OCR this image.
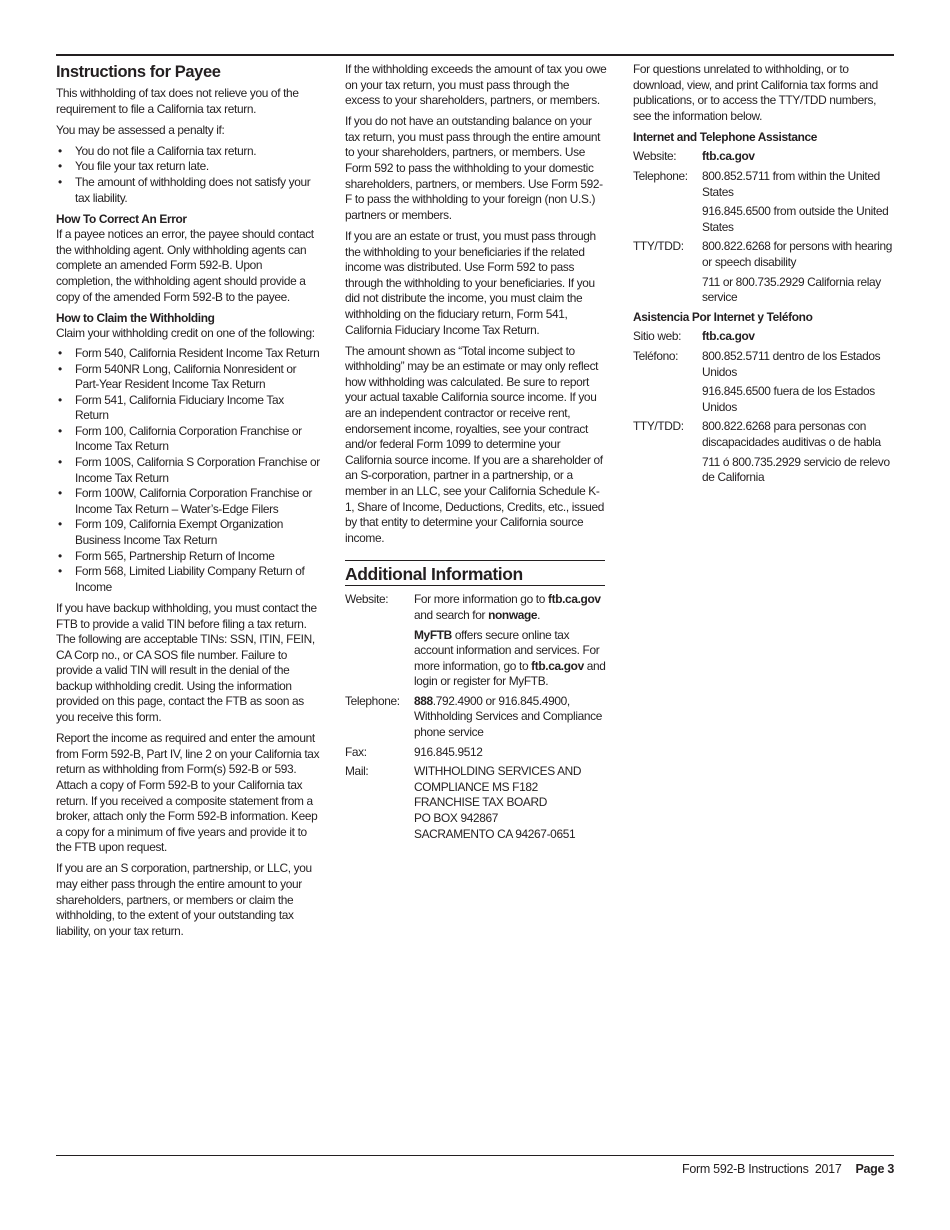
Instructions for Payee

This withholding of tax does not relieve you of the requirement to file a California tax return.

You may be assessed a penalty if:

• You do not file a California tax return.
• You file your tax return late.
• The amount of withholding does not satisfy your tax liability.
How To Correct An Error

If a payee notices an error, the payee should contact the withholding agent. Only withholding agents can complete an amended Form 592-B. Upon completion, the withholding agent should provide a copy of the amended Form 592-B to the payee.

How to Claim the Withholding

Claim your withholding credit on one of the following:

• Form 540, California Resident Income Tax Return
• Form 540NR Long, California Nonresident or Part-Year Resident Income Tax Return
• Form 541, California Fiduciary Income Tax Return
• Form 100, California Corporation Franchise or Income Tax Return
• Form 100S, California S Corporation Franchise or Income Tax Return
• Form 100W, California Corporation Franchise or Income Tax Return – Water’s-Edge Filers
• Form 109, California Exempt Organization Business Income Tax Return
• Form 565, Partnership Return of Income
• Form 568, Limited Liability Company Return of Income

If you have backup withholding, you must contact the FTB to provide a valid TIN before filing a tax return. The following are acceptable TINs: SSN, ITIN, FEIN, CA Corp no., or CA SOS file number. Failure to provide a valid TIN will result in the denial of the backup withholding credit. Using the information provided on this page, contact the FTB as soon as you receive this form.

Report the income as required and enter the amount from Form 592-B, Part IV, line 2 on your California tax return as withholding from Form(s) 592-B or 593. Attach a copy of Form 592-B to your California tax return. If you received a composite statement from a broker, attach only the Form 592-B information. Keep a copy for a minimum of five years and provide it to the FTB upon request.

If you are an S corporation, partnership, or LLC, you may either pass through the entire amount to your shareholders, partners, or members or claim the withholding, to the extent of your outstanding tax liability, on your tax return.

If the withholding exceeds the amount of tax you owe on your tax return, you must pass through the excess to your shareholders, partners, or members.

If you do not have an outstanding balance on your tax return, you must pass through the entire amount to your shareholders, partners, or members. Use Form 592 to pass the withholding to your domestic shareholders, partners, or members. Use Form 592-F to pass the withholding to your foreign (non U.S.) partners or members.

If you are an estate or trust, you must pass through the withholding to your beneficiaries if the related income was distributed. Use Form 592 to pass through the withholding to your beneficiaries. If you did not distribute the income, you must claim the withholding on the fiduciary return, Form 541, California Fiduciary Income Tax Return.

The amount shown as “Total income subject to withholding” may be an estimate or may only reflect how withholding was calculated. Be sure to report your actual taxable California source income. If you are an independent contractor or receive rent, endorsement income, royalties, see your contract and/or federal Form 1099 to determine your California source income. If you are a shareholder of an S-corporation, partner in a partnership, or a member in an LLC, see your California Schedule K-1, Share of Income, Deductions, Credits, etc., issued by that entity to determine your California source income.

Additional Information
Website:	For more information go to ftb.ca.gov and search for nonwage.

MyFTB offers secure online tax account information and services. For more information, go to ftb.ca.gov and login or register for MyFTB.

Telephone:	888.792.4900 or 916.845.4900, Withholding Services and Compliance phone service
Fax:	916.845.9512
Mail:	WITHHOLDING SERVICES AND
COMPLIANCE MS F182
FRANCHISE TAX BOARD
PO BOX 942867
SACRAMENTO CA 94267-0651

For questions unrelated to withholding, or to download, view, and print California tax forms and publications, or to access the TTY/TDD numbers, see the information below.

Internet and Telephone Assistance
Website:	ftb.ca.gov
Telephone:	800.852.5711 from within the United States

916.845.6500 from outside the United States

TTY/TDD:	800.822.6268 for persons with hearing or speech disability

711 or 800.735.2929 California relay service

Asistencia Por Internet y Teléfono
Sitio web:	ftb.ca.gov
Teléfono:	800.852.5711 dentro de los Estados Unidos

916.845.6500 fuera de los Estados Unidos

TTY/TDD:	800.822.6268 para personas con discapacidades auditivas o de habla

711 ó 800.735.2929 servicio de relevo de California

Form 592-B Instructions  2017 Page 3
